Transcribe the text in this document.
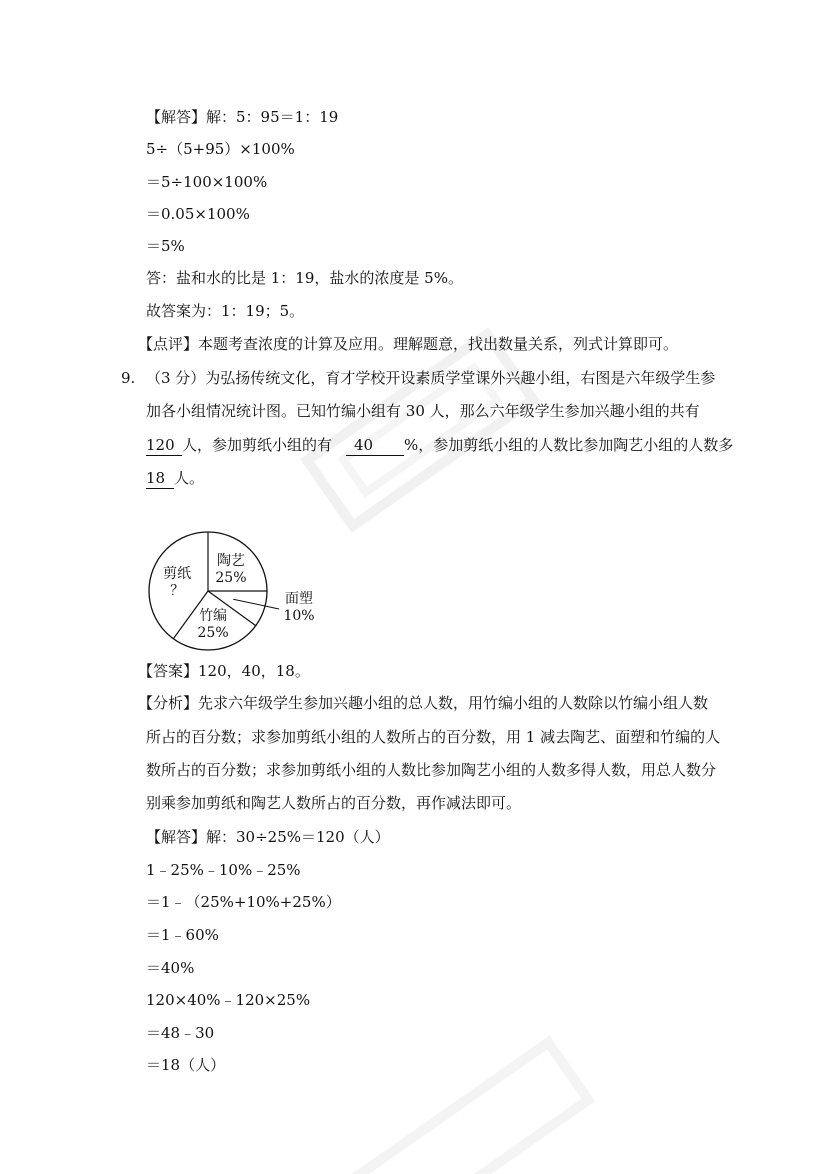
【解答】解：5：95＝1：19
5÷（5+95）×100%
＝5÷100×100%
＝0.05×100%
＝5%
答：盐和水的比是 1：19，盐水的浓度是 5%。
故答案为：1：19；5。
【点评】本题考查浓度的计算及应用。理解题意，找出数量关系，列式计算即可。
9. （3 分）为弘扬传统文化，育才学校开设素质学堂课外兴趣小组，右图是六年级学生参
加各小组情况统计图。已知竹编小组有 30 人，那么六年级学生参加兴趣小组的共有
120 人，参加剪纸小组的有 40 %，参加剪纸小组的人数比参加陶艺小组的人数多
18 人。
陶艺
25%
面塑
10%
竹编
25%
剪纸
？
【答案】120，40，18。
【分析】先求六年级学生参加兴趣小组的总人数，用竹编小组的人数除以竹编小组人数
所占的百分数；求参加剪纸小组的人数所占的百分数，用 1 减去陶艺、面塑和竹编的人
数所占的百分数；求参加剪纸小组的人数比参加陶艺小组的人数多得人数，用总人数分
别乘参加剪纸和陶艺人数所占的百分数，再作减法即可。
【解答】解：30÷25%＝120（人）
1﹣25%﹣10%﹣25%
＝1﹣（25%+10%+25%）
＝1﹣60%
＝40%
120×40%﹣120×25%
＝48﹣30
＝18（人）
